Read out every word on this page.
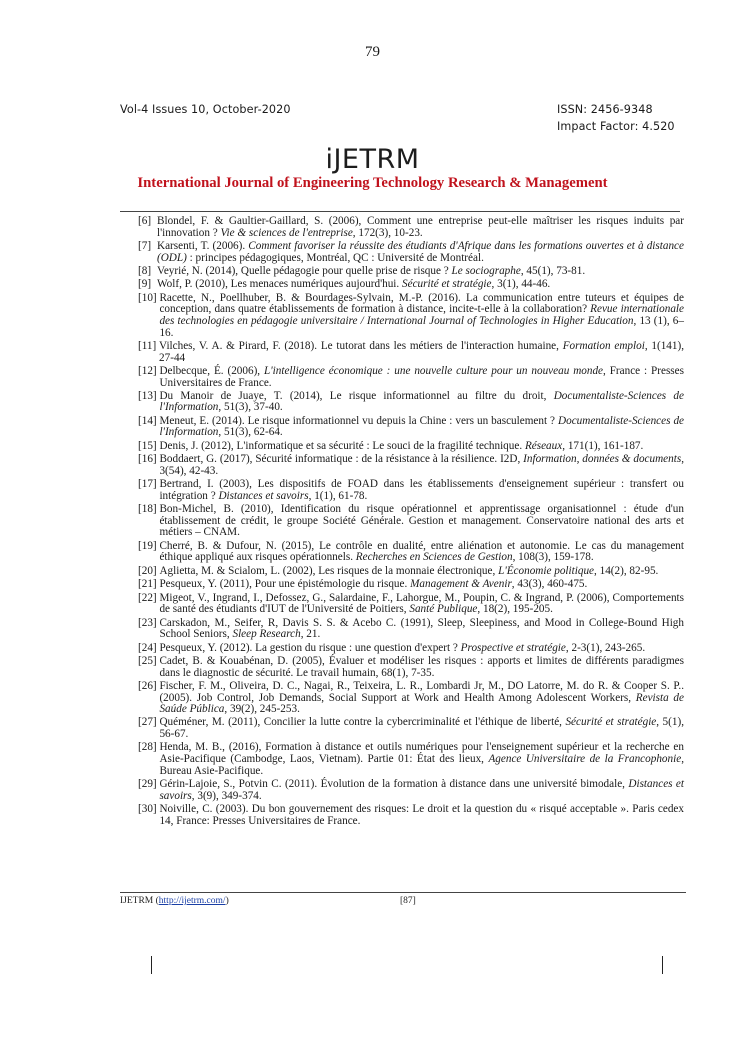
79
Vol-4 Issues 10, October-2020	ISSN: 2456-9348
Impact Factor: 4.520
iJETRM
International Journal of Engineering Technology Research & Management
[6] Blondel, F. & Gaultier-Gaillard, S. (2006), Comment une entreprise peut-elle maîtriser les risques induits par l'innovation ? Vie & sciences de l'entreprise, 172(3), 10-23.
[7] Karsenti, T. (2006). Comment favoriser la réussite des étudiants d'Afrique dans les formations ouvertes et à distance (ODL) : principes pédagogiques, Montréal, QC : Université de Montréal.
[8] Veyrié, N. (2014), Quelle pédagogie pour quelle prise de risque ? Le sociographe, 45(1), 73-81.
[9] Wolf, P. (2010), Les menaces numériques aujourd'hui. Sécurité et stratégie, 3(1), 44-46.
[10] Racette, N., Poellhuber, B. & Bourdages-Sylvain, M.-P. (2016). La communication entre tuteurs et équipes de conception, dans quatre établissements de formation à distance, incite-t-elle à la collaboration? Revue internationale des technologies en pédagogie universitaire / International Journal of Technologies in Higher Education, 13 (1), 6–16.
[11] Vilches, V. A. & Pirard, F. (2018). Le tutorat dans les métiers de l'interaction humaine, Formation emploi, 1(141), 27-44
[12] Delbecque, É. (2006), L'intelligence économique : une nouvelle culture pour un nouveau monde, France : Presses Universitaires de France.
[13] Du Manoir de Juaye, T. (2014), Le risque informationnel au filtre du droit, Documentaliste-Sciences de l'Information, 51(3), 37-40.
[14] Meneut, E. (2014). Le risque informationnel vu depuis la Chine : vers un basculement ? Documentaliste-Sciences de l'Information, 51(3), 62-64.
[15] Denis, J. (2012), L'informatique et sa sécurité : Le souci de la fragilité technique. Réseaux, 171(1), 161-187.
[16] Boddaert, G. (2017), Sécurité informatique : de la résistance à la résilience. I2D, Information, données & documents, 3(54), 42-43.
[17] Bertrand, I. (2003), Les dispositifs de FOAD dans les établissements d'enseignement supérieur : transfert ou intégration ? Distances et savoirs, 1(1), 61-78.
[18] Bon-Michel, B. (2010), Identification du risque opérationnel et apprentissage organisationnel : étude d'un établissement de crédit, le groupe Société Générale. Gestion et management. Conservatoire national des arts et métiers – CNAM.
[19] Cherré, B. & Dufour, N. (2015), Le contrôle en dualité, entre aliénation et autonomie. Le cas du management éthique appliqué aux risques opérationnels. Recherches en Sciences de Gestion, 108(3), 159-178.
[20] Aglietta, M. & Scialom, L. (2002), Les risques de la monnaie électronique, L'Économie politique, 14(2), 82-95.
[21] Pesqueux, Y. (2011), Pour une épistémologie du risque. Management & Avenir, 43(3), 460-475.
[22] Migeot, V., Ingrand, I., Defossez, G., Salardaine, F., Lahorgue, M., Poupin, C. & Ingrand, P. (2006), Comportements de santé des étudiants d'IUT de l'Université de Poitiers, Santé Publique, 18(2), 195-205.
[23] Carskadon, M., Seifer, R, Davis S. S. & Acebo C. (1991), Sleep, Sleepiness, and Mood in College-Bound High School Seniors, Sleep Research, 21.
[24] Pesqueux, Y. (2012). La gestion du risque : une question d'expert ? Prospective et stratégie, 2-3(1), 243-265.
[25] Cadet, B. & Kouabénan, D. (2005), Évaluer et modéliser les risques : apports et limites de différents paradigmes dans le diagnostic de sécurité. Le travail humain, 68(1), 7-35.
[26] Fischer, F. M., Oliveira, D. C., Nagai, R., Teixeira, L. R., Lombardi Jr, M., DO Latorre, M. do R. & Cooper S. P.. (2005). Job Control, Job Demands, Social Support at Work and Health Among Adolescent Workers, Revista de Saúde Pública, 39(2), 245-253.
[27] Quéméner, M. (2011), Concilier la lutte contre la cybercriminalité et l'éthique de liberté, Sécurité et stratégie, 5(1), 56-67.
[28] Henda, M. B., (2016), Formation à distance et outils numériques pour l'enseignement supérieur et la recherche en Asie-Pacifique (Cambodge, Laos, Vietnam). Partie 01: État des lieux, Agence Universitaire de la Francophonie, Bureau Asie-Pacifique.
[29] Gérin-Lajoie, S., Potvin C. (2011). Évolution de la formation à distance dans une université bimodale, Distances et savoirs, 3(9), 349-374.
[30] Noiville, C. (2003). Du bon gouvernement des risques: Le droit et la question du « risqué acceptable ». Paris cedex 14, France: Presses Universitaires de France.
IJETRM (http://ijetrm.com/)	[87]
